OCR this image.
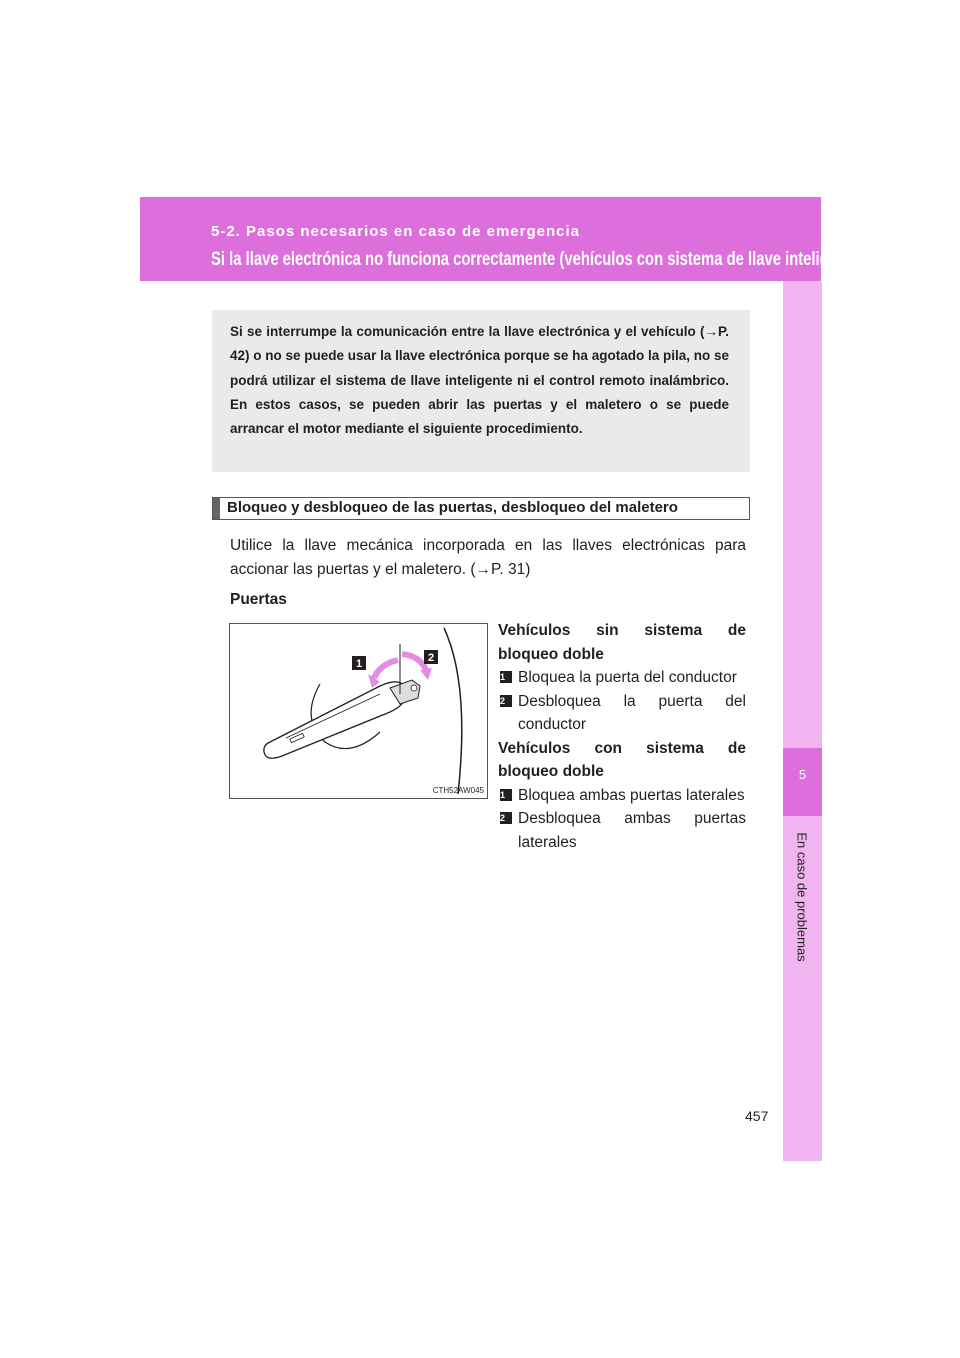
5-2. Pasos necesarios en caso de emergencia
Si la llave electrónica no funciona correctamente (vehículos con sistema de llave inteligente)
5
En caso de problemas
Si se interrumpe la comunicación entre la llave electrónica y el vehículo (→P. 42) o no se puede usar la llave electrónica porque se ha agotado la pila, no se podrá utilizar el sistema de llave inteligente ni el control remoto inalámbrico. En estos casos, se pueden abrir las puertas y el maletero o se puede arrancar el motor mediante el siguiente procedimiento.
Bloqueo y desbloqueo de las puertas, desbloqueo del maletero
Utilice la llave mecánica incorporada en las llaves electrónicas para accionar las puertas y el maletero. (→P. 31)
Puertas
1	2
CTH52AW045
Vehículos sin sistema de bloqueo doble
1 Bloquea la puerta del conductor
2 Desbloquea la puerta del conductor
Vehículos con sistema de bloqueo doble
1 Bloquea ambas puertas laterales
2 Desbloquea ambas puertas laterales
457
